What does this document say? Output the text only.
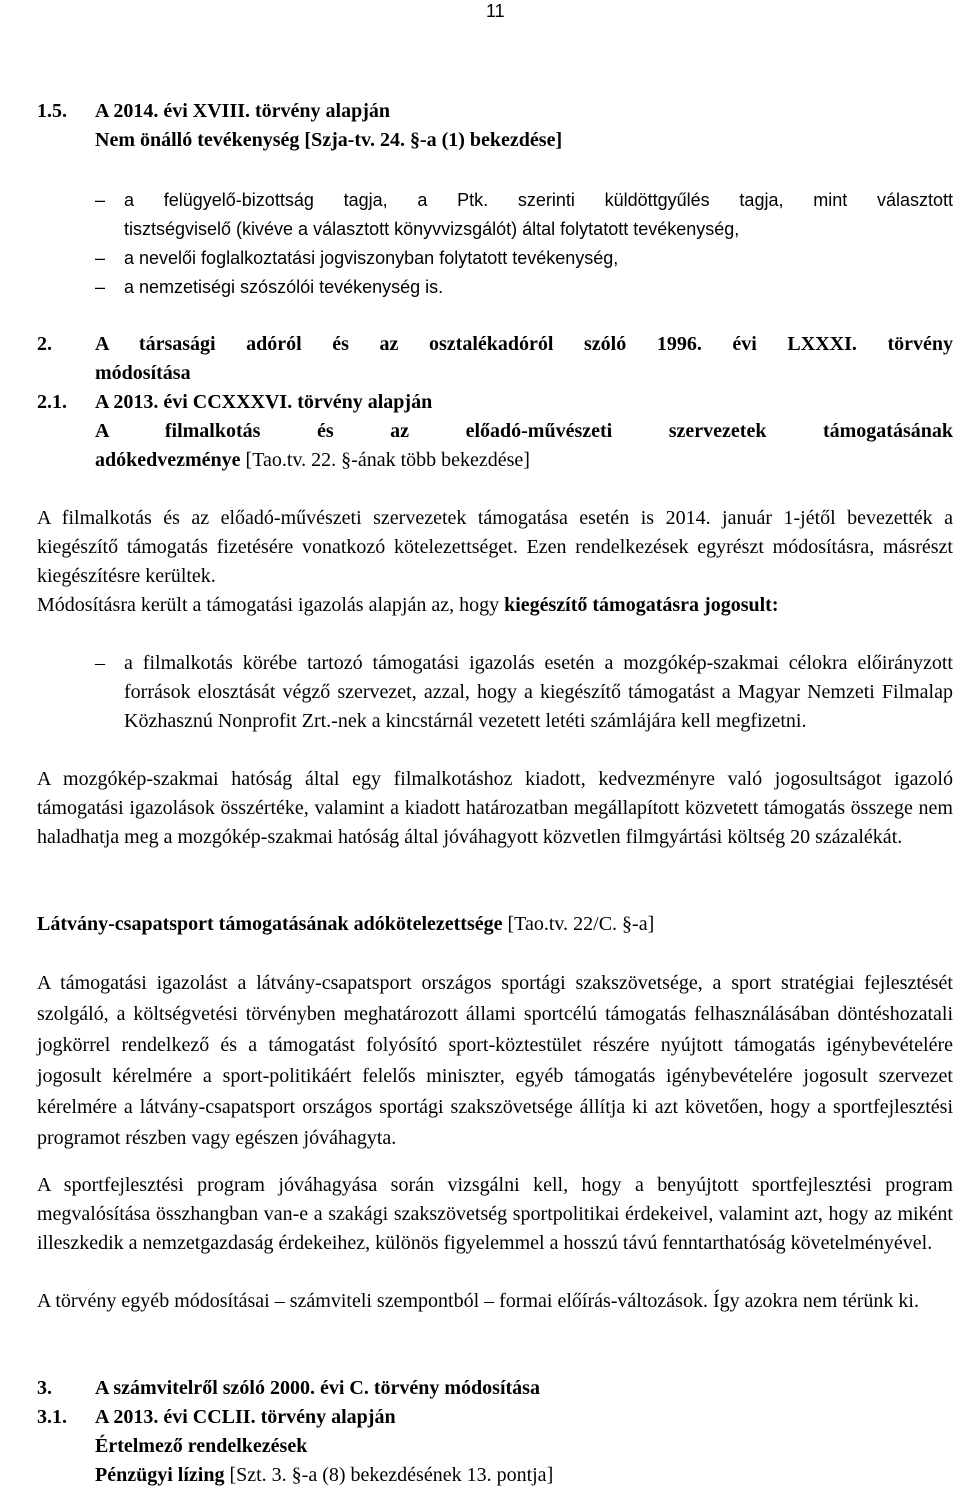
11
1.5. A 2014. évi XVIII. törvény alapján
Nem önálló tevékenység [Szja-tv. 24. §-a (1) bekezdése]
– a felügyelő-bizottság tagja, a Ptk. szerinti küldöttgyűlés tagja, mint választott
tisztségviselő (kivéve a választott könyvvizsgálót) által folytatott tevékenység,
– a nevelői foglalkoztatási jogviszonyban folytatott tevékenység,
– a nemzetiségi szószólói tevékenység is.
2. A társasági adóról és az osztalékadóról szóló 1996. évi LXXXI. törvény
módosítása
2.1. A 2013. évi CCXXXVI. törvény alapján
A filmalkotás és az előadó-művészeti szervezetek támogatásának
adókedvezménye [Tao.tv. 22. §-ának több bekezdése]
A filmalkotás és az előadó-művészeti szervezetek támogatása esetén is 2014. január 1-jétől bevezették a kiegészítő támogatás fizetésére vonatkozó kötelezettséget. Ezen rendelkezések egyrészt módosításra, másrészt kiegészítésre kerültek.
Módosításra került a támogatási igazolás alapján az, hogy kiegészítő támogatásra jogosult:
– a filmalkotás körébe tartozó támogatási igazolás esetén a mozgókép-szakmai célokra előirányzott források elosztását végző szervezet, azzal, hogy a kiegészítő támogatást a Magyar Nemzeti Filmalap Közhasznú Nonprofit Zrt.-nek a kincstárnál vezetett letéti számlájára kell megfizetni.
A mozgókép-szakmai hatóság által egy filmalkotáshoz kiadott, kedvezményre való jogosultságot igazoló támogatási igazolások összértéke, valamint a kiadott határozatban megállapított közvetett támogatás összege nem haladhatja meg a mozgókép-szakmai hatóság által jóváhagyott közvetlen filmgyártási költség 20 százalékát.
Látvány-csapatsport támogatásának adókötelezettsége [Tao.tv. 22/C. §-a]
A támogatási igazolást a látvány-csapatsport országos sportági szakszövetsége, a sport stratégiai fejlesztését szolgáló, a költségvetési törvényben meghatározott állami sportcélú támogatás felhasználásában döntéshozatali jogkörrel rendelkező és a támogatást folyósító sport-köztestület részére nyújtott támogatás igénybevételére jogosult kérelmére a sport-politikáért felelős miniszter, egyéb támogatás igénybevételére jogosult szervezet kérelmére a látvány-csapatsport országos sportági szakszövetsége állítja ki azt követően, hogy a sportfejlesztési programot részben vagy egészen jóváhagyta.
A sportfejlesztési program jóváhagyása során vizsgálni kell, hogy a benyújtott sportfejlesztési program megvalósítása összhangban van-e a szakági szakszövetség sportpolitikai érdekeivel, valamint azt, hogy az miként illeszkedik a nemzetgazdaság érdekeihez, különös figyelemmel a hosszú távú fenntarthatóság követelményével.
A törvény egyéb módosításai – számviteli szempontból – formai előírás-változások. Így azokra nem térünk ki.
3. A számvitelről szóló 2000. évi C. törvény módosítása
3.1. A 2013. évi CCLII. törvény alapján
Értelmező rendelkezések
Pénzügyi lízing [Szt. 3. §-a (8) bekezdésének 13. pontja]
